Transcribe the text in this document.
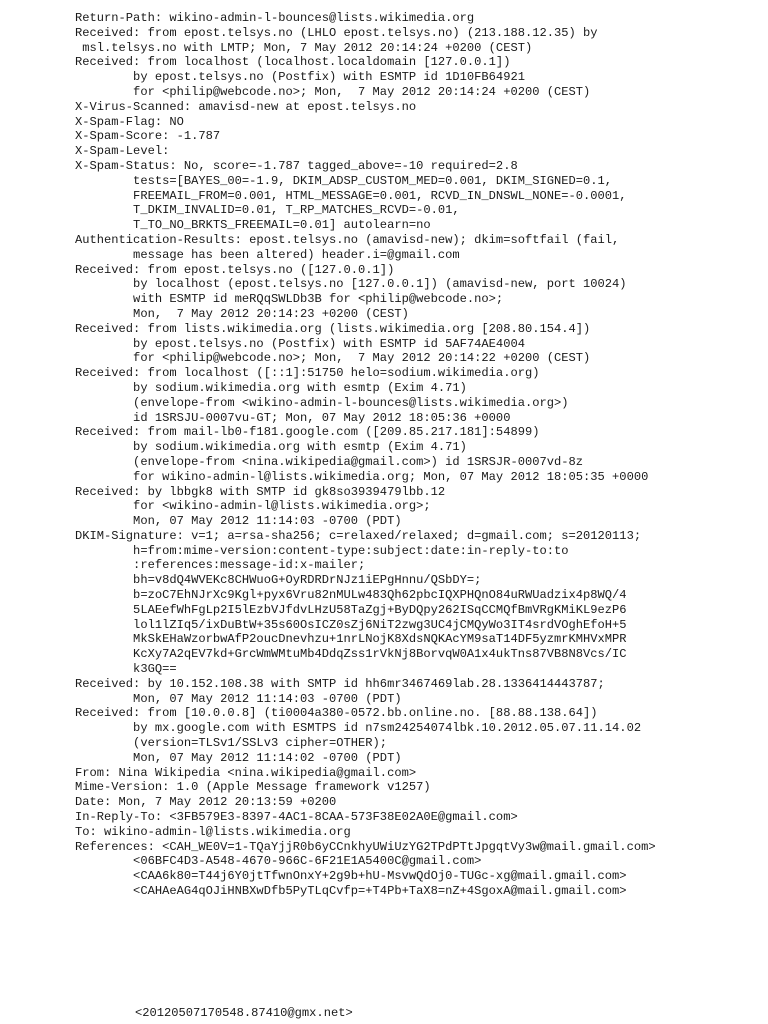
Return-Path: wikino-admin-l-bounces@lists.wikimedia.org
Received: from epost.telsys.no (LHLO epost.telsys.no) (213.188.12.35) by
msl.telsys.no with LMTP; Mon, 7 May 2012 20:14:24 +0200 (CEST)
Received: from localhost (localhost.localdomain [127.0.0.1])
by epost.telsys.no (Postfix) with ESMTP id 1D10FB64921
for <philip@webcode.no>; Mon,  7 May 2012 20:14:24 +0200 (CEST)
X-Virus-Scanned: amavisd-new at epost.telsys.no
X-Spam-Flag: NO
X-Spam-Score: -1.787
X-Spam-Level:
X-Spam-Status: No, score=-1.787 tagged_above=-10 required=2.8
tests=[BAYES_00=-1.9, DKIM_ADSP_CUSTOM_MED=0.001, DKIM_SIGNED=0.1,
FREEMAIL_FROM=0.001, HTML_MESSAGE=0.001, RCVD_IN_DNSWL_NONE=-0.0001,
T_DKIM_INVALID=0.01, T_RP_MATCHES_RCVD=-0.01,
T_TO_NO_BRKTS_FREEMAIL=0.01] autolearn=no
Authentication-Results: epost.telsys.no (amavisd-new); dkim=softfail (fail,
message has been altered) header.i=@gmail.com
Received: from epost.telsys.no ([127.0.0.1])
by localhost (epost.telsys.no [127.0.0.1]) (amavisd-new, port 10024)
with ESMTP id meRQqSWLDb3B for <philip@webcode.no>;
Mon,  7 May 2012 20:14:23 +0200 (CEST)
Received: from lists.wikimedia.org (lists.wikimedia.org [208.80.154.4])
by epost.telsys.no (Postfix) with ESMTP id 5AF74AE4004
for <philip@webcode.no>; Mon,  7 May 2012 20:14:22 +0200 (CEST)
Received: from localhost ([::1]:51750 helo=sodium.wikimedia.org)
by sodium.wikimedia.org with esmtp (Exim 4.71)
(envelope-from <wikino-admin-l-bounces@lists.wikimedia.org>)
id 1SRSJU-0007vu-GT; Mon, 07 May 2012 18:05:36 +0000
Received: from mail-lb0-f181.google.com ([209.85.217.181]:54899)
by sodium.wikimedia.org with esmtp (Exim 4.71)
(envelope-from <nina.wikipedia@gmail.com>) id 1SRSJR-0007vd-8z
for wikino-admin-l@lists.wikimedia.org; Mon, 07 May 2012 18:05:35 +0000
Received: by lbbgk8 with SMTP id gk8so3939479lbb.12
for <wikino-admin-l@lists.wikimedia.org>;
Mon, 07 May 2012 11:14:03 -0700 (PDT)
DKIM-Signature: v=1; a=rsa-sha256; c=relaxed/relaxed; d=gmail.com; s=20120113;
h=from:mime-version:content-type:subject:date:in-reply-to:to
:references:message-id:x-mailer;
bh=v8dQ4WVEKc8CHWuoG+OyRDRDrNJz1iEPgHnnu/QSbDY=;
b=zoC7EhNJrXc9Kgl+pyx6Vru82nMULw483Qh62pbcIQXPHQnO84uRWUadzix4p8WQ/4
5LAEefWhFgLp2I5lEzbVJfdvLHzU58TaZgj+ByDQpy262ISqCCMQfBmVRgKMiKL9ezP6
lol1lZIq5/ixDuBtW+35s60OsICZ0sZj6NiT2zwg3UC4jCMQyWo3IT4srdVOghEfoH+5
MkSkEHaWzorbwAfP2oucDnevhzu+1nrLNojK8XdsNQKAcYM9saT14DF5yzmrKMHVxMPR
KcXy7A2qEV7kd+GrcWmWMtuMb4DdqZss1rVkNj8BorvqW0A1x4ukTns87VB8N8Vcs/IC
k3GQ==
Received: by 10.152.108.38 with SMTP id hh6mr3467469lab.28.1336414443787;
Mon, 07 May 2012 11:14:03 -0700 (PDT)
Received: from [10.0.0.8] (ti0004a380-0572.bb.online.no. [88.88.138.64])
by mx.google.com with ESMTPS id n7sm24254074lbk.10.2012.05.07.11.14.02
(version=TLSv1/SSLv3 cipher=OTHER);
Mon, 07 May 2012 11:14:02 -0700 (PDT)
From: Nina Wikipedia <nina.wikipedia@gmail.com>
Mime-Version: 1.0 (Apple Message framework v1257)
Date: Mon, 7 May 2012 20:13:59 +0200
In-Reply-To: <3FB579E3-8397-4AC1-8CAA-573F38E02A0E@gmail.com>
To: wikino-admin-l@lists.wikimedia.org
References: <CAH_WE0V=1-TQaYjjR0b6yCCnkhyUWiUzYG2TPdPTtJpgqtVy3w@mail.gmail.com>
<06BFC4D3-A548-4670-966C-6F21E1A5400C@gmail.com>
<CAA6k80=T44j6Y0jtTfwnOnxY+2g9b+hU-MsvwQdOj0-TUGc-xg@mail.gmail.com>
<CAHAeAG4qOJiHNBXwDfb5PyTLqCvfp=+T4Pb+TaX8=nZ+4SgoxA@mail.gmail.com>
<20120507170548.87410@gmx.net>
